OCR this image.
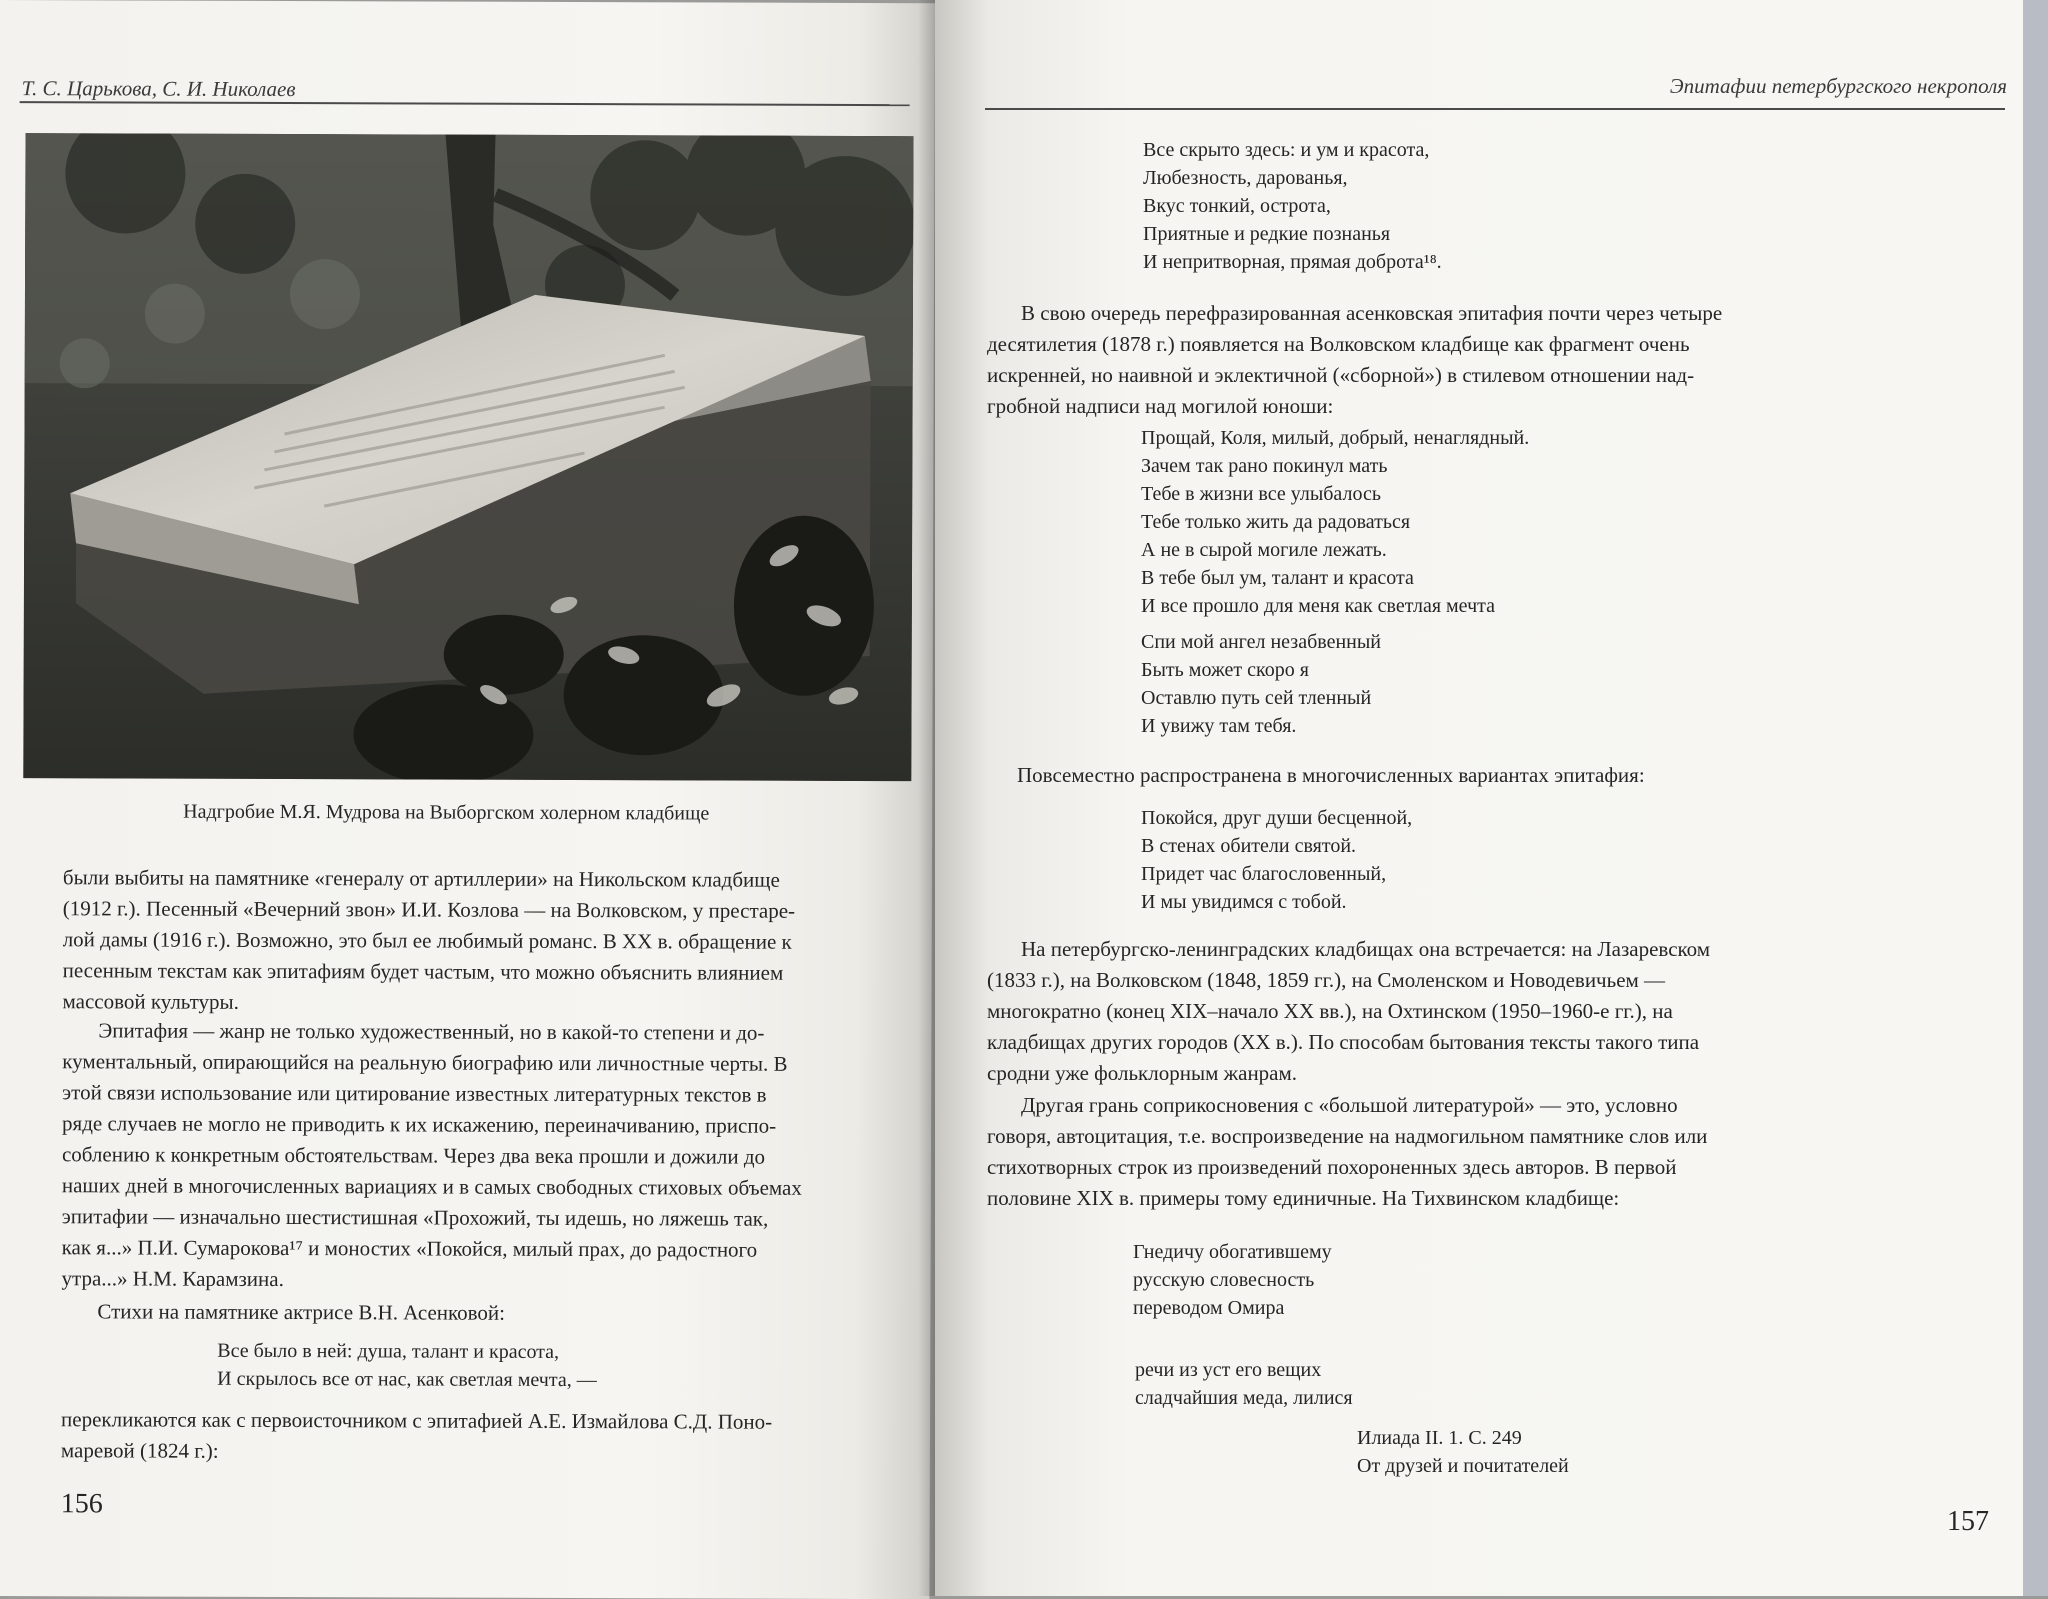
Т. С. Царькова, С. И. Николаев
Надгробие М.Я. Мудрова на Выборгском холерном кладбище
были выбиты на памятнике «генералу от артиллерии» на Никольском кладбище
(1912 г.). Песенный «Вечерний звон» И.И. Козлова — на Волковском, у престаре-
лой дамы (1916 г.). Возможно, это был ее любимый романс. В XX в. обращение к
песенным текстам как эпитафиям будет частым, что можно объяснить влиянием
массовой культуры.
Эпитафия — жанр не только художественный, но в какой-то степени и до-
кументальный, опирающийся на реальную биографию или личностные черты. В
этой связи использование или цитирование известных литературных текстов в
ряде случаев не могло не приводить к их искажению, переиначиванию, приспо-
соблению к конкретным обстоятельствам. Через два века прошли и дожили до
наших дней в многочисленных вариациях и в самых свободных стиховых объемах
эпитафии — изначально шестистишная «Прохожий, ты идешь, но ляжешь так,
как я...» П.И. Сумарокова¹⁷ и моностих «Покойся, милый прах, до радостного
утра...» Н.М. Карамзина.
Стихи на памятнике актрисе В.Н. Асенковой:
Все было в ней: душа, талант и красота,
И скрылось все от нас, как светлая мечта, —
перекликаются как с первоисточником с эпитафией А.Е. Измайлова С.Д. Поно-
маревой (1824 г.):
156
Эпитафии петербургского некрополя
Все скрыто здесь: и ум и красота,
Любезность, дарованья,
Вкус тонкий, острота,
Приятные и редкие познанья
И непритворная, прямая доброта¹⁸.
В свою очередь перефразированная асенковская эпитафия почти через четыре
десятилетия (1878 г.) появляется на Волковском кладбище как фрагмент очень
искренней, но наивной и эклектичной («сборной») в стилевом отношении над-
гробной надписи над могилой юноши:
Прощай, Коля, милый, добрый, ненаглядный.
Зачем так рано покинул мать
Тебе в жизни все улыбалось
Тебе только жить да радоваться
А не в сырой могиле лежать.
В тебе был ум, талант и красота
И все прошло для меня как светлая мечта
Спи мой ангел незабвенный
Быть может скоро я
Оставлю путь сей тленный
И увижу там тебя.
Повсеместно распространена в многочисленных вариантах эпитафия:
Покойся, друг души бесценной,
В стенах обители святой.
Придет час благословенный,
И мы увидимся с тобой.
На петербургско-ленинградских кладбищах она встречается: на Лазаревском
(1833 г.), на Волковском (1848, 1859 гг.), на Смоленском и Новодевичьем —
многократно (конец XIX–начало XX вв.), на Охтинском (1950–1960-е гг.), на
кладбищах других городов (XX в.). По способам бытования тексты такого типа
сродни уже фольклорным жанрам.
Другая грань соприкосновения с «большой литературой» — это, условно
говоря, автоцитация, т.е. воспроизведение на надмогильном памятнике слов или
стихотворных строк из произведений похороненных здесь авторов. В первой
половине XIX в. примеры тому единичные. На Тихвинском кладбище:
Гнедичу обогатившему
русскую словесность
переводом Омира
речи из уст его вещих
сладчайшия меда, лилися
Илиада II. 1. С. 249
От друзей и почитателей
157
